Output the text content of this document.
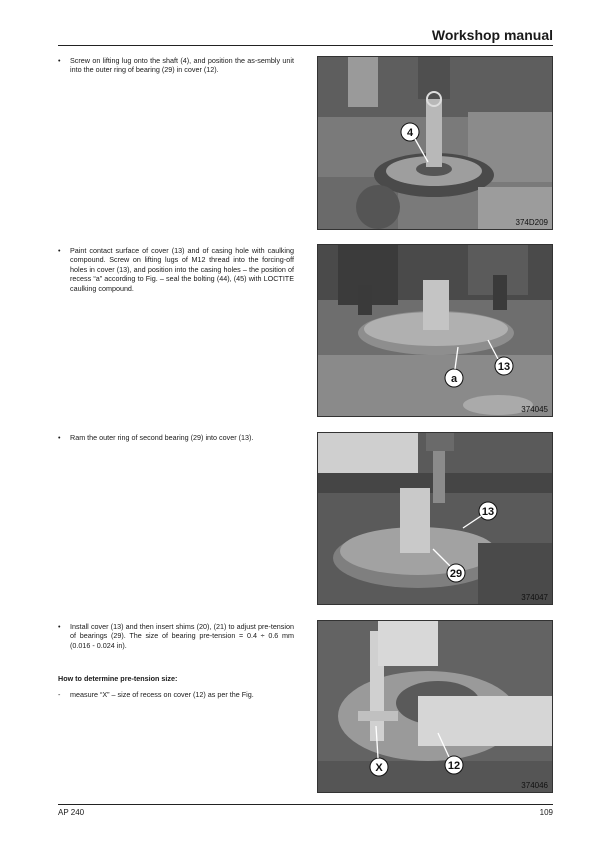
Workshop manual
• Screw on lifting lug onto the shaft (4), and position the as-sembly unit into the outer ring of bearing (29) in cover (12).
• Paint contact surface of cover (13) and of casing hole with caulking compound. Screw on lifting lugs of M12 thread into the forcing-off holes in cover (13), and position into the casing holes – the position of recess “a” according to Fig. – seal the bolting (44), (45) with LOCTITE caulking compound.
• Ram the outer ring of second bearing (29) into cover (13).
• Install cover (13) and then insert shims (20), (21) to adjust pre-tension of bearings (29). The size of bearing pre-tension = 0.4 ÷ 0.6 mm (0.016 - 0.024 in).
How to determine pre-tension size:
- measure “X” – size of recess on cover (12) as per the Fig.
4
374D209
13
a
374045
13
29
374047
X	12
374046
AP 240	109
